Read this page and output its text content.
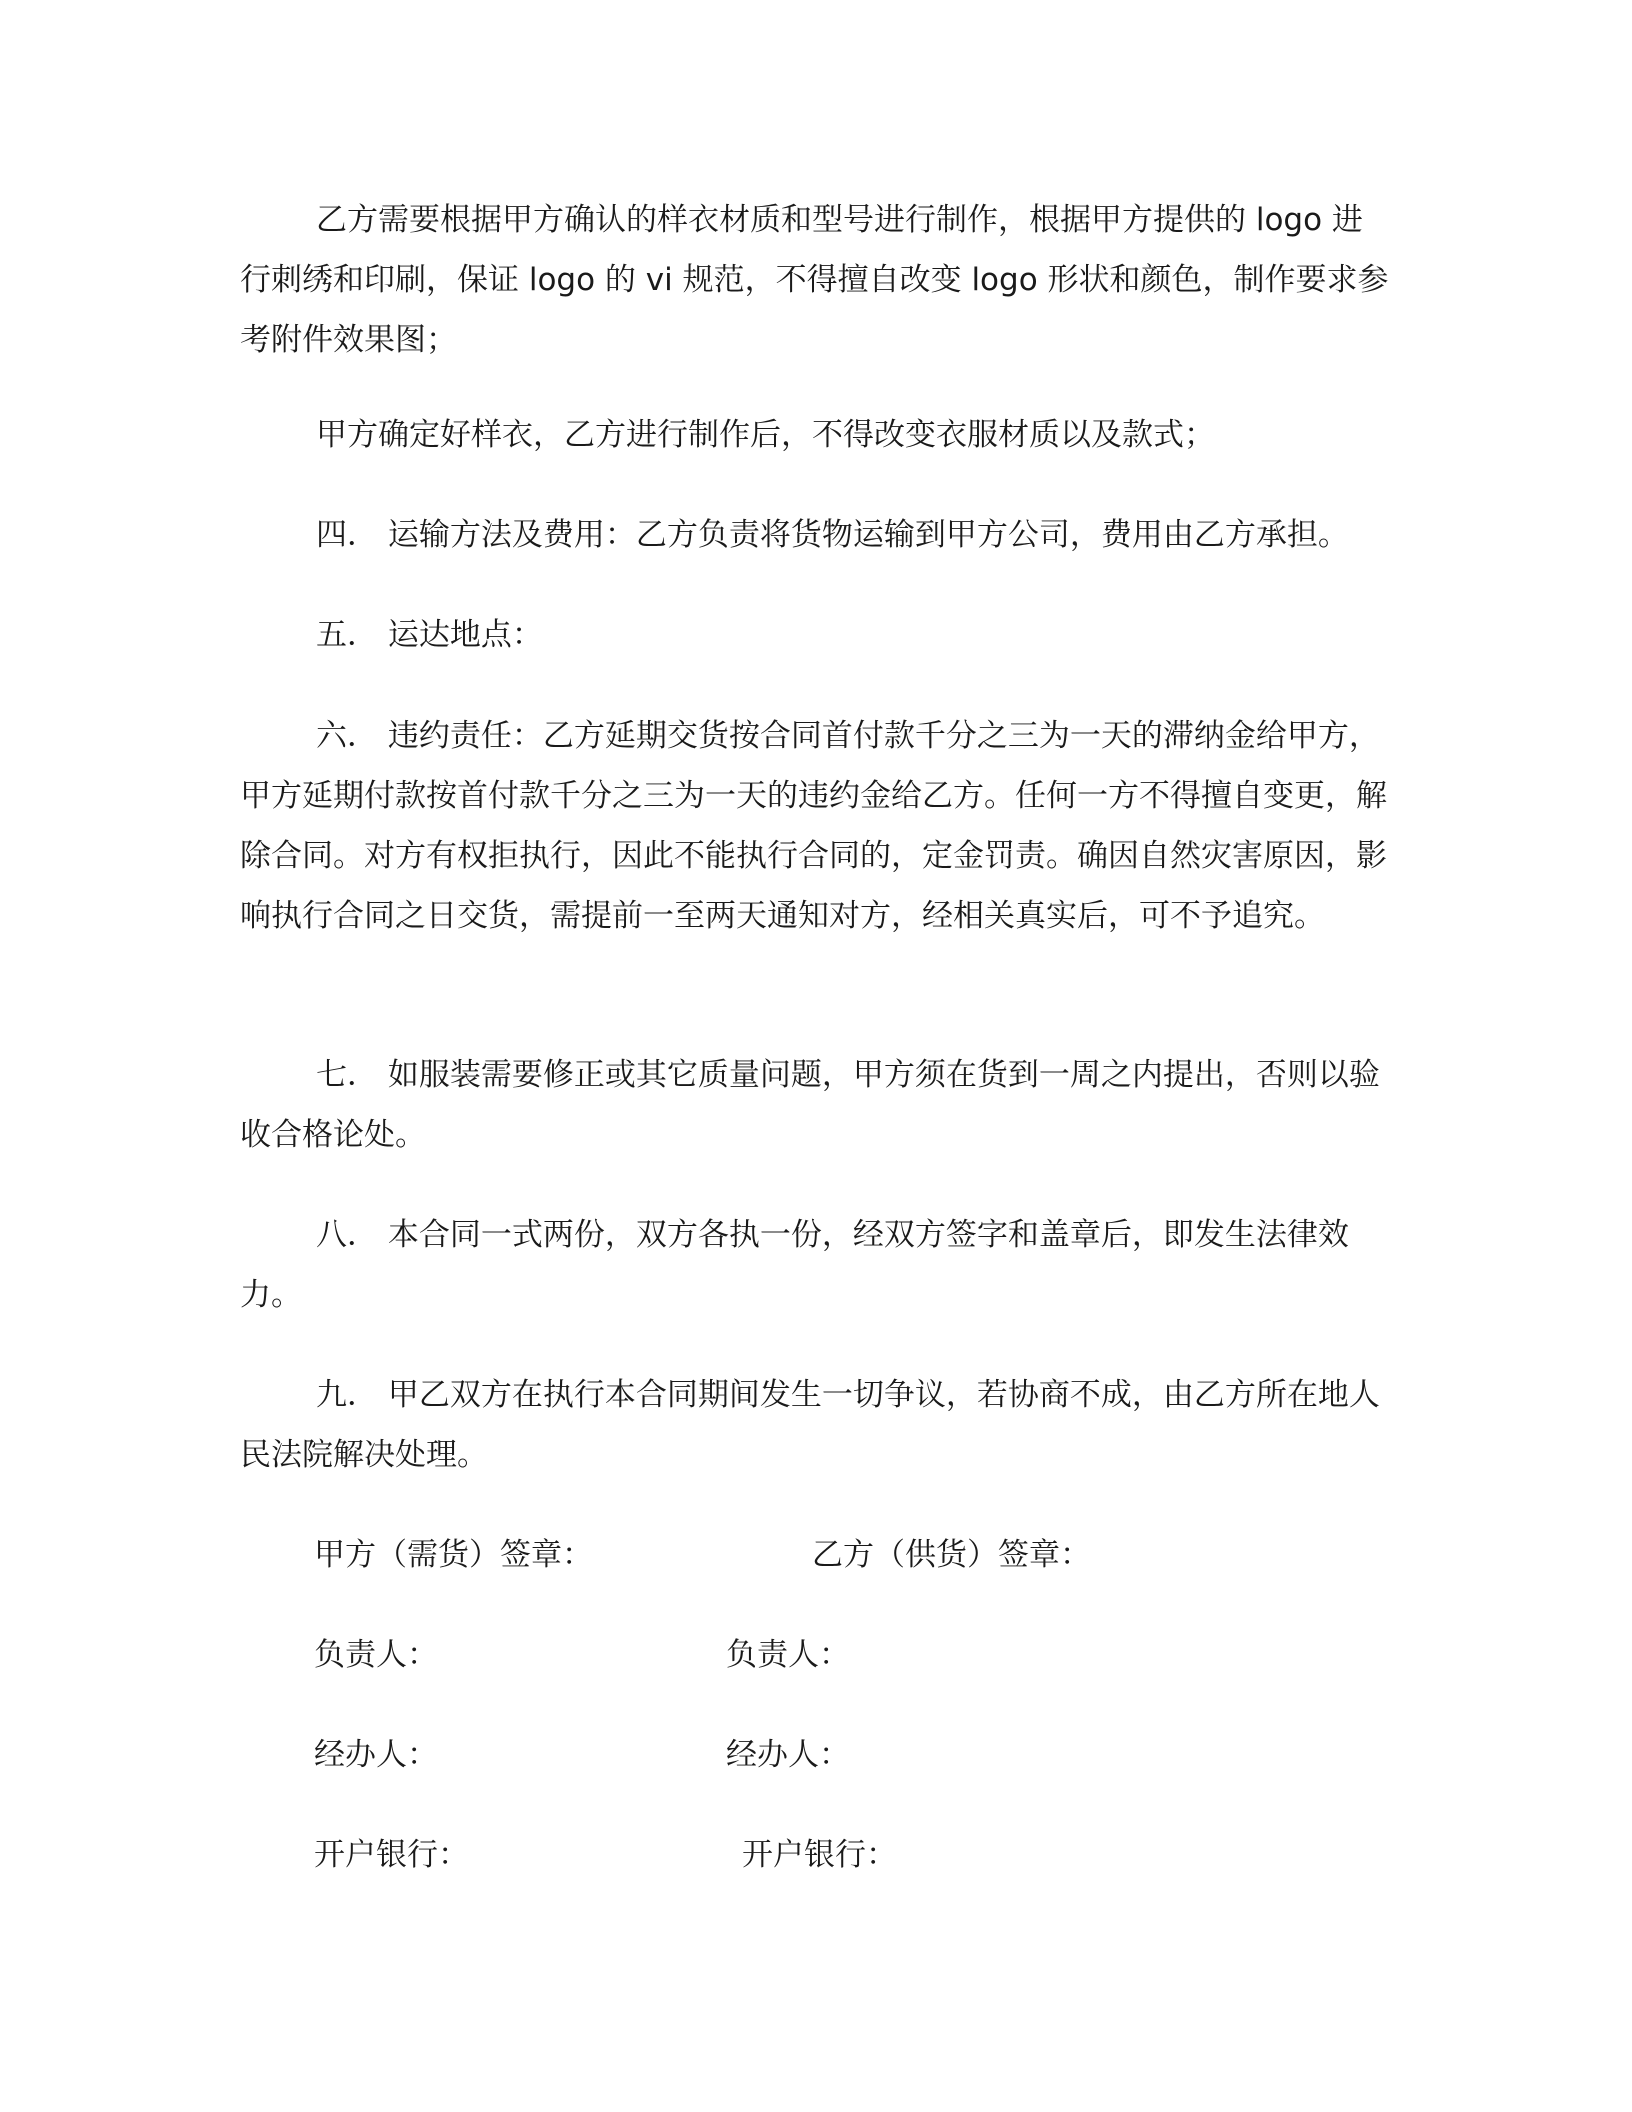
乙方需要根据甲方确认的样衣材质和型号进行制作，根据甲方提供的 logo 进行刺绣和印刷，保证 logo 的 vi 规范，不得擅自改变 logo 形状和颜色，制作要求参考附件效果图；

甲方确定好样衣，乙方进行制作后，不得改变衣服材质以及款式；

四． 运输方法及费用：乙方负责将货物运输到甲方公司，费用由乙方承担。

五． 运达地点：

六． 违约责任：乙方延期交货按合同首付款千分之三为一天的滞纳金给甲方，甲方延期付款按首付款千分之三为一天的违约金给乙方。任何一方不得擅自变更，解除合同。对方有权拒执行，因此不能执行合同的，定金罚责。确因自然灾害原因，影响执行合同之日交货，需提前一至两天通知对方，经相关真实后，可不予追究。

七． 如服装需要修正或其它质量问题，甲方须在货到一周之内提出，否则以验收合格论处。

八． 本合同一式两份，双方各执一份，经双方签字和盖章后，即发生法律效力。

九． 甲乙双方在执行本合同期间发生一切争议，若协商不成，由乙方所在地人民法院解决处理。

甲方（需货）签章：	乙方（供货）签章：
负责人：	负责人：
经办人：	经办人：
开户银行：	开户银行：
